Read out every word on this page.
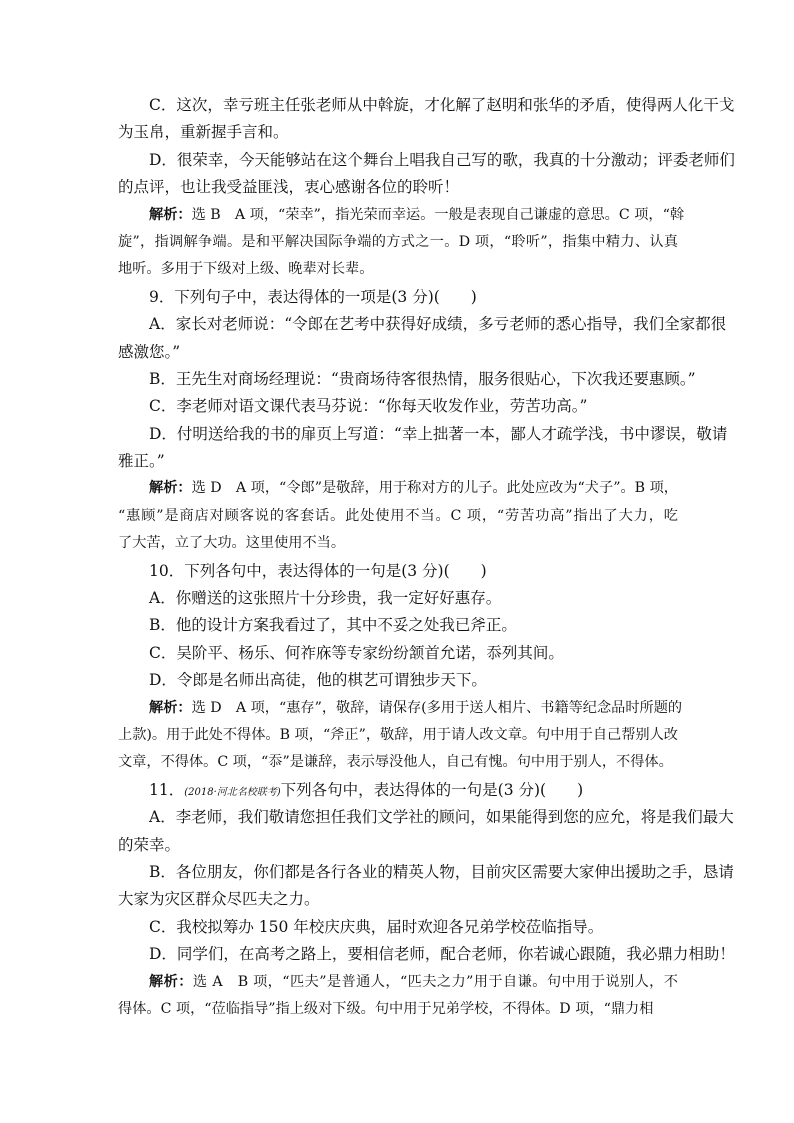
C．这次，幸亏班主任张老师从中斡旋，才化解了赵明和张华的矛盾，使得两人化干戈
为玉帛，重新握手言和。
D．很荣幸，今天能够站在这个舞台上唱我自己写的歌，我真的十分激动；评委老师们
的点评，也让我受益匪浅，衷心感谢各位的聆听！
解析：选 B　A 项，“荣幸”，指光荣而幸运。一般是表现自己谦虚的意思。C 项，“斡
旋”，指调解争端。是和平解决国际争端的方式之一。D 项，“聆听”，指集中精力、认真
地听。多用于下级对上级、晚辈对长辈。
9．下列句子中，表达得体的一项是(3 分)(　　)
A．家长对老师说：“令郎在艺考中获得好成绩，多亏老师的悉心指导，我们全家都很
感激您。”
B．王先生对商场经理说：“贵商场待客很热情，服务很贴心，下次我还要惠顾。”
C．李老师对语文课代表马芬说：“你每天收发作业，劳苦功高。”
D．付明送给我的书的扉页上写道：“幸上拙著一本，鄙人才疏学浅，书中谬误，敬请
雅正。”
解析：选 D　A 项，“令郎”是敬辞，用于称对方的儿子。此处应改为“犬子”。B 项，
“惠顾”是商店对顾客说的客套话。此处使用不当。C 项，“劳苦功高”指出了大力，吃
了大苦，立了大功。这里使用不当。
10．下列各句中，表达得体的一句是(3 分)(　　)
A．你赠送的这张照片十分珍贵，我一定好好惠存。
B．他的设计方案我看过了，其中不妥之处我已斧正。
C．吴阶平、杨乐、何祚庥等专家纷纷颔首允诺，忝列其间。
D．令郎是名师出高徒，他的棋艺可谓独步天下。
解析：选 D　A 项，“惠存”，敬辞，请保存(多用于送人相片、书籍等纪念品时所题的
上款)。用于此处不得体。B 项，“斧正”，敬辞，用于请人改文章。句中用于自己帮别人改
文章，不得体。C 项，“忝”是谦辞，表示辱没他人，自己有愧。句中用于别人，不得体。
11．(2018·河北名校联考)下列各句中，表达得体的一句是(3 分)(　　)
A．李老师，我们敬请您担任我们文学社的顾问，如果能得到您的应允，将是我们最大
的荣幸。
B．各位朋友，你们都是各行各业的精英人物，目前灾区需要大家伸出援助之手，恳请
大家为灾区群众尽匹夫之力。
C．我校拟筹办 150 年校庆庆典，届时欢迎各兄弟学校莅临指导。
D．同学们，在高考之路上，要相信老师，配合老师，你若诚心跟随，我必鼎力相助！
解析：选 A　B 项，“匹夫”是普通人，“匹夫之力”用于自谦。句中用于说别人，不
得体。C 项，“莅临指导”指上级对下级。句中用于兄弟学校，不得体。D 项，“鼎力相
